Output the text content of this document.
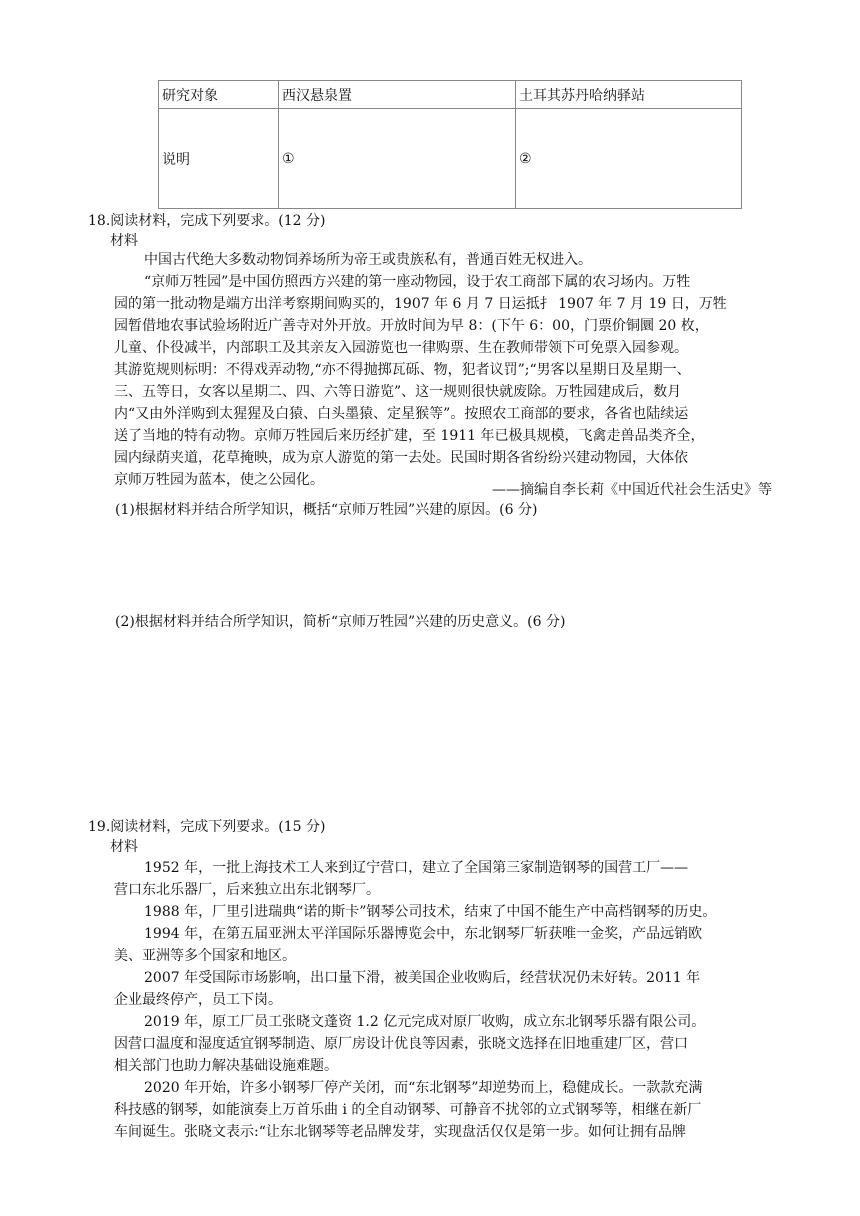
研究对象	西汉悬泉置	土耳其苏丹哈纳驿站
说明	①	②
18.阅读材料，完成下列要求。(12 分)
材料
中国古代绝大多数动物饲养场所为帝王或贵族私有，普通百姓无权进入。
“京师万牲园”是中国仿照西方兴建的第一座动物园，设于农工商部下属的农习场内。万牲
园的第一批动物是端方出洋考察期间购买的，1907 年 6 月 7 日运抵扌 1907 年 7 月 19 日，万牲
园暂借地农事试验场附近广善寺对外开放。开放时间为早 8：(下午 6：00，门票价铜圜 20 枚，
儿童、仆役减半，内部职工及其亲友入园游览也一律购票、生在教师带领下可免票入园参观。
其游览规则标明：不得戏弄动物,“亦不得抛掷瓦砾、物，犯者议罚”;“男客以星期日及星期一、
三、五等日，女客以星期二、四、六等日游览”、这一规则很快就废除。万牲园建成后，数月
内“又由外洋购到太猩猩及白猿、白头墨猿、定星猴等”。按照农工商部的要求，各省也陆续运
送了当地的特有动物。京师万牲园后来历经扩建，至 1911 年已极具规模，飞禽走兽品类齐全，
园内绿荫夹道，花草掩映，成为京人游览的第一去处。民国时期各省纷纷兴建动物园，大体依
京师万牲园为蓝本，使之公园化。
——摘编自李长莉《中国近代社会生活史》等
(1)根据材料并结合所学知识，概括“京师万牲园”兴建的原因。(6 分)
(2)根据材料并结合所学知识，简析“京师万牲园”兴建的历史意义。(6 分)
19.阅读材料，完成下列要求。(15 分)
材料
1952 年，一批上海技术工人来到辽宁营口，建立了全国第三家制造钢琴的国营工厂——
营口东北乐器厂，后来独立出东北钢琴厂。
1988 年，厂里引进瑞典“诺的斯卡”钢琴公司技术，结束了中国不能生产中高档钢琴的历史。
1994 年，在第五届亚洲太平洋国际乐器博览会中，东北钢琴厂斩获唯一金奖，产品远销欧
美、亚洲等多个国家和地区。
2007 年受国际市场影响，出口量下滑，被美国企业收购后，经营状况仍未好转。2011 年
企业最终停产，员工下岗。
2019 年，原工厂员工张晓文蓬资 1.2 亿元完成对原厂收购，成立东北钢琴乐器有限公司。
因营口温度和湿度适宜钢琴制造、原厂房设计优良等因素，张晓文选择在旧地重建厂区，营口
相关部门也助力解决基础设施难题。
2020 年开始，许多小钢琴厂停产关闭，而“东北钢琴”却逆势而上，稳健成长。一款款充满
科技感的钢琴，如能演奏上万首乐曲 i 的全自动钢琴、可静音不扰邻的立式钢琴等，相继在新厂
车间诞生。张晓文表示:“让东北钢琴等老品牌发芽，实现盘活仅仅是第一步。如何让拥有品牌
